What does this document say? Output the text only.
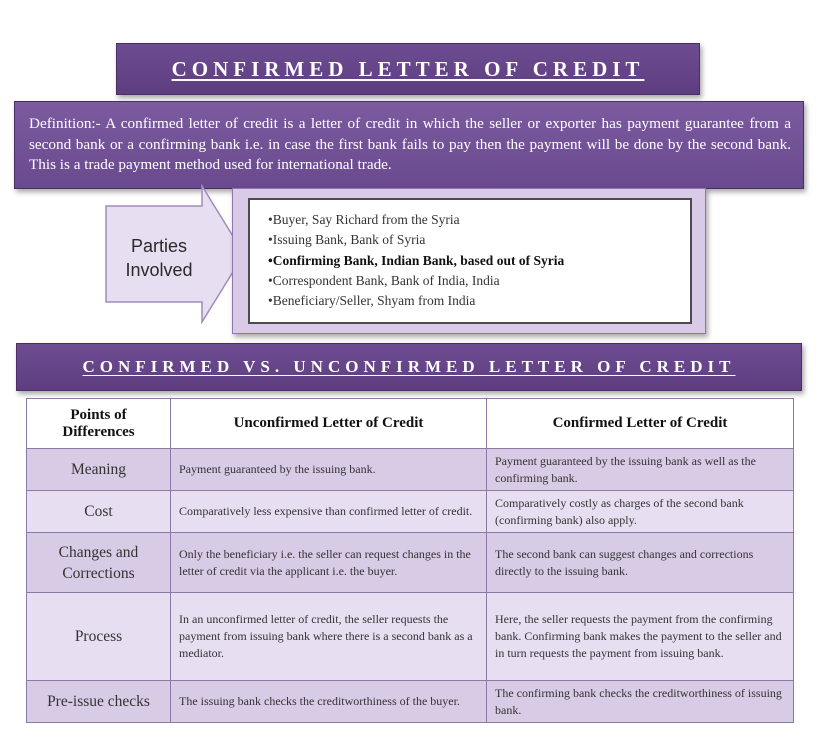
CONFIRMED LETTER OF CREDIT

Definition:- A confirmed letter of credit is a letter of credit in which the seller or exporter has payment guarantee from a second bank or a confirming bank i.e. in case the first bank fails to pay then the payment will be done by the second bank. This is a trade payment method used for international trade.

Parties
Involved
•Buyer, Say Richard from the Syria
•Issuing Bank, Bank of Syria
•Confirming Bank, Indian Bank, based out of Syria
•Correspondent Bank, Bank of India, India
•Beneficiary/Seller, Shyam from India
CONFIRMED VS. UNCONFIRMED LETTER OF CREDIT
Points of Differences	Unconfirmed Letter of Credit	Confirmed Letter of Credit
Meaning	Payment guaranteed by the issuing bank.	Payment guaranteed by the issuing bank as well as the confirming bank.
Cost	Comparatively less expensive than confirmed letter of credit.	Comparatively costly as charges of the second bank (confirming bank) also apply.
Changes and Corrections	Only the beneficiary i.e. the seller can request changes in the letter of credit via the applicant i.e. the buyer.	The second bank can suggest changes and corrections directly to the issuing bank.
Process	In an unconfirmed letter of credit, the seller requests the payment from issuing bank where there is a second bank as a mediator.	Here, the seller requests the payment from the confirming bank. Confirming bank makes the payment to the seller and in turn requests the payment from issuing bank.
Pre-issue checks	The issuing bank checks the creditworthiness of the buyer.	The confirming bank checks the creditworthiness of issuing bank.
